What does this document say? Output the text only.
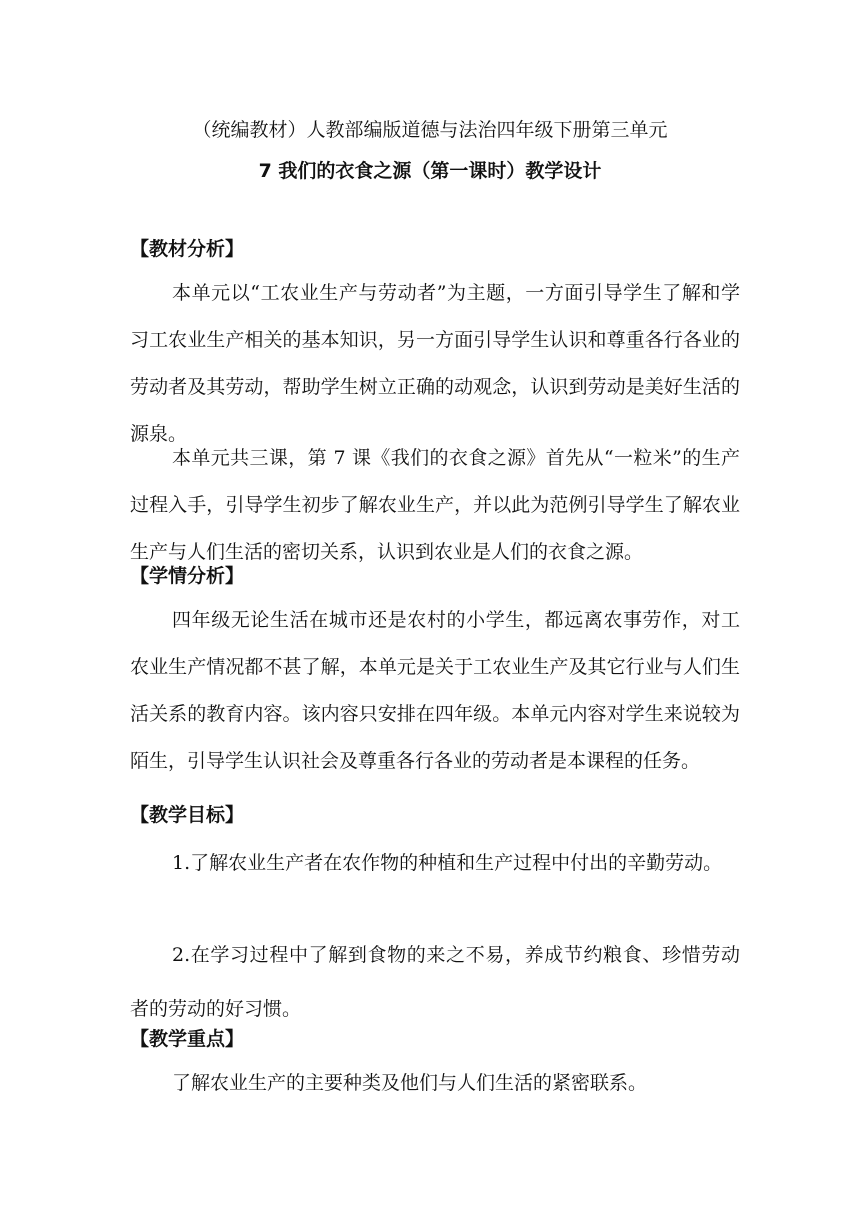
（统编教材）人教部编版道德与法治四年级下册第三单元
7 我们的衣食之源（第一课时）教学设计
【教材分析】

本单元以“工农业生产与劳动者”为主题，一方面引导学生了解和学习工农业生产相关的基本知识，另一方面引导学生认识和尊重各行各业的劳动者及其劳动，帮助学生树立正确的动观念，认识到劳动是美好生活的源泉。

本单元共三课，第 7 课《我们的衣食之源》首先从“一粒米”的生产过程入手，引导学生初步了解农业生产，并以此为范例引导学生了解农业生产与人们生活的密切关系，认识到农业是人们的衣食之源。

【学情分析】

四年级无论生活在城市还是农村的小学生，都远离农事劳作，对工农业生产情况都不甚了解，本单元是关于工农业生产及其它行业与人们生活关系的教育内容。该内容只安排在四年级。本单元内容对学生来说较为陌生，引导学生认识社会及尊重各行各业的劳动者是本课程的任务。

【教学目标】

1.了解农业生产者在农作物的种植和生产过程中付出的辛勤劳动。

2.在学习过程中了解到食物的来之不易，养成节约粮食、珍惜劳动者的劳动的好习惯。

【教学重点】

了解农业生产的主要种类及他们与人们生活的紧密联系。
